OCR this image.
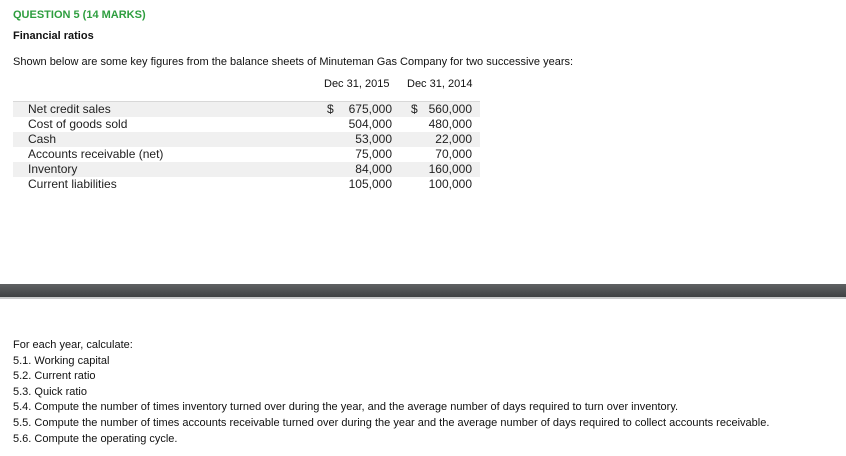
QUESTION 5 (14 MARKS)
Financial ratios
Shown below are some key figures from the balance sheets of Minuteman Gas Company for two successive years:
Dec 31, 2015 Dec 31, 2014
Net credit sales	$	675,000 $ 560,000
Cost of goods sold	504,000	480,000
Cash	53,000	22,000
Accounts receivable (net)	75,000	70,000
Inventory	84,000	160,000
Current liabilities	105,000	100,000
For each year, calculate:
5.1. Working capital
5.2. Current ratio
5.3. Quick ratio
5.4. Compute the number of times inventory turned over during the year, and the average number of days required to turn over inventory.
5.5. Compute the number of times accounts receivable turned over during the year and the average number of days required to collect accounts receivable.
5.6. Compute the operating cycle.
